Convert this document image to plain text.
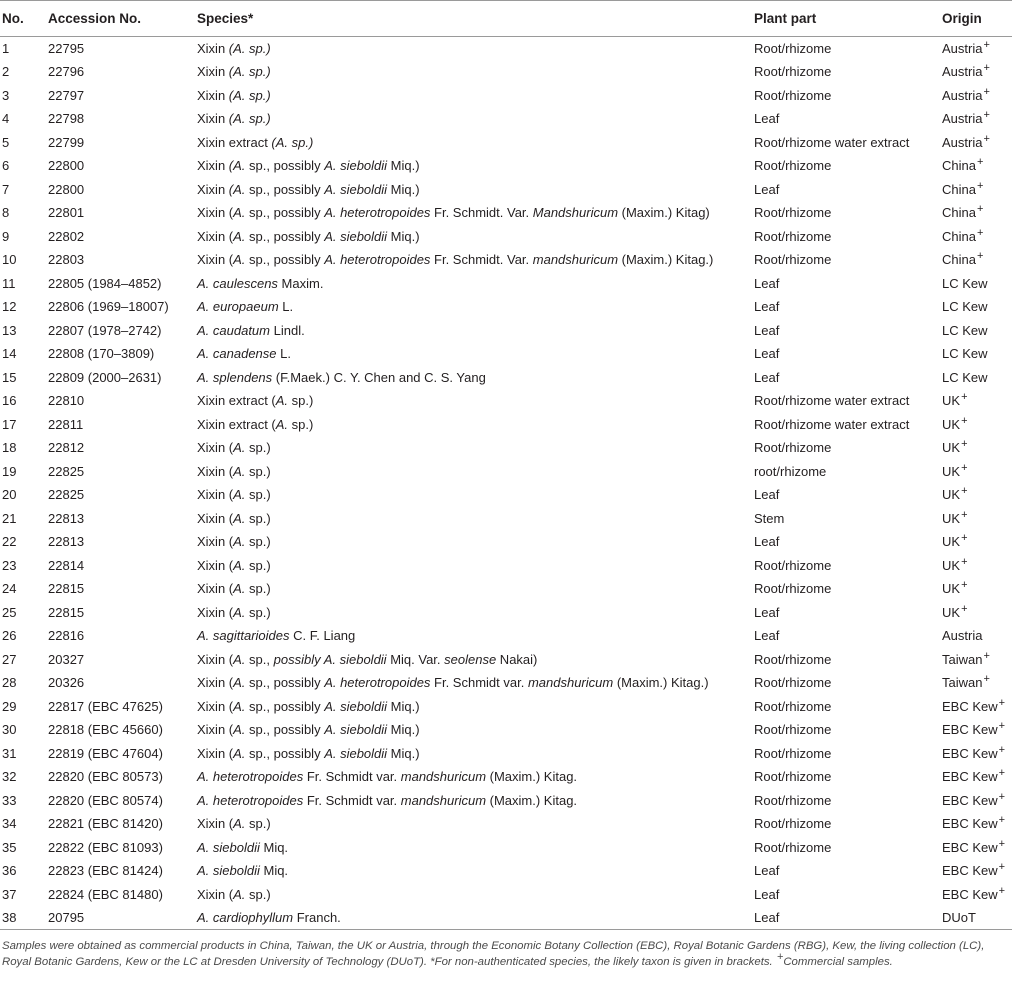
No.	Accession No.	Species*	Plant part	Origin
1	22795	Xixin (A. sp.)	Root/rhizome	Austria+
2	22796	Xixin (A. sp.)	Root/rhizome	Austria+
3	22797	Xixin (A. sp.)	Root/rhizome	Austria+
4	22798	Xixin (A. sp.)	Leaf	Austria+
5	22799	Xixin extract (A. sp.)	Root/rhizome water extract	Austria+
6	22800	Xixin (A. sp., possibly A. sieboldii Miq.)	Root/rhizome	China+
7	22800	Xixin (A. sp., possibly A. sieboldii Miq.)	Leaf	China+
8	22801	Xixin (A. sp., possibly A. heterotropoides Fr. Schmidt. Var. Mandshuricum (Maxim.) Kitag)	Root/rhizome	China+
9	22802	Xixin (A. sp., possibly A. sieboldii Miq.)	Root/rhizome	China+
10	22803	Xixin (A. sp., possibly A. heterotropoides Fr. Schmidt. Var. mandshuricum (Maxim.) Kitag.)	Root/rhizome	China+
11	22805 (1984–4852)	A. caulescens Maxim.	Leaf	LC Kew
12	22806 (1969–18007)	A. europaeum L.	Leaf	LC Kew
13	22807 (1978–2742)	A. caudatum Lindl.	Leaf	LC Kew
14	22808 (170–3809)	A. canadense L.	Leaf	LC Kew
15	22809 (2000–2631)	A. splendens (F.Maek.) C. Y. Chen and C. S. Yang	Leaf	LC Kew
16	22810	Xixin extract (A. sp.)	Root/rhizome water extract	UK+
17	22811	Xixin extract (A. sp.)	Root/rhizome water extract	UK+
18	22812	Xixin (A. sp.)	Root/rhizome	UK+
19	22825	Xixin (A. sp.)	root/rhizome	UK+
20	22825	Xixin (A. sp.)	Leaf	UK+
21	22813	Xixin (A. sp.)	Stem	UK+
22	22813	Xixin (A. sp.)	Leaf	UK+
23	22814	Xixin (A. sp.)	Root/rhizome	UK+
24	22815	Xixin (A. sp.)	Root/rhizome	UK+
25	22815	Xixin (A. sp.)	Leaf	UK+
26	22816	A. sagittarioides C. F. Liang	Leaf	Austria
27	20327	Xixin (A. sp., possibly A. sieboldii Miq. Var. seolense Nakai)	Root/rhizome	Taiwan+
28	20326	Xixin (A. sp., possibly A. heterotropoides Fr. Schmidt var. mandshuricum (Maxim.) Kitag.)	Root/rhizome	Taiwan+
29	22817 (EBC 47625)	Xixin (A. sp., possibly A. sieboldii Miq.)	Root/rhizome	EBC Kew+
30	22818 (EBC 45660)	Xixin (A. sp., possibly A. sieboldii Miq.)	Root/rhizome	EBC Kew+
31	22819 (EBC 47604)	Xixin (A. sp., possibly A. sieboldii Miq.)	Root/rhizome	EBC Kew+
32	22820 (EBC 80573)	A. heterotropoides Fr. Schmidt var. mandshuricum (Maxim.) Kitag.	Root/rhizome	EBC Kew+
33	22820 (EBC 80574)	A. heterotropoides Fr. Schmidt var. mandshuricum (Maxim.) Kitag.	Root/rhizome	EBC Kew+
34	22821 (EBC 81420)	Xixin (A. sp.)	Root/rhizome	EBC Kew+
35	22822 (EBC 81093)	A. sieboldii Miq.	Root/rhizome	EBC Kew+
36	22823 (EBC 81424)	A. sieboldii Miq.	Leaf	EBC Kew+
37	22824 (EBC 81480)	Xixin (A. sp.)	Leaf	EBC Kew+
38	20795	A. cardiophyllum Franch.	Leaf	DUoT

Samples were obtained as commercial products in China, Taiwan, the UK or Austria, through the Economic Botany Collection (EBC), Royal Botanic Gardens (RBG), Kew, the living collection (LC), Royal Botanic Gardens, Kew or the LC at Dresden University of Technology (DUoT). *For non-authenticated species, the likely taxon is given in brackets. +Commercial samples.
